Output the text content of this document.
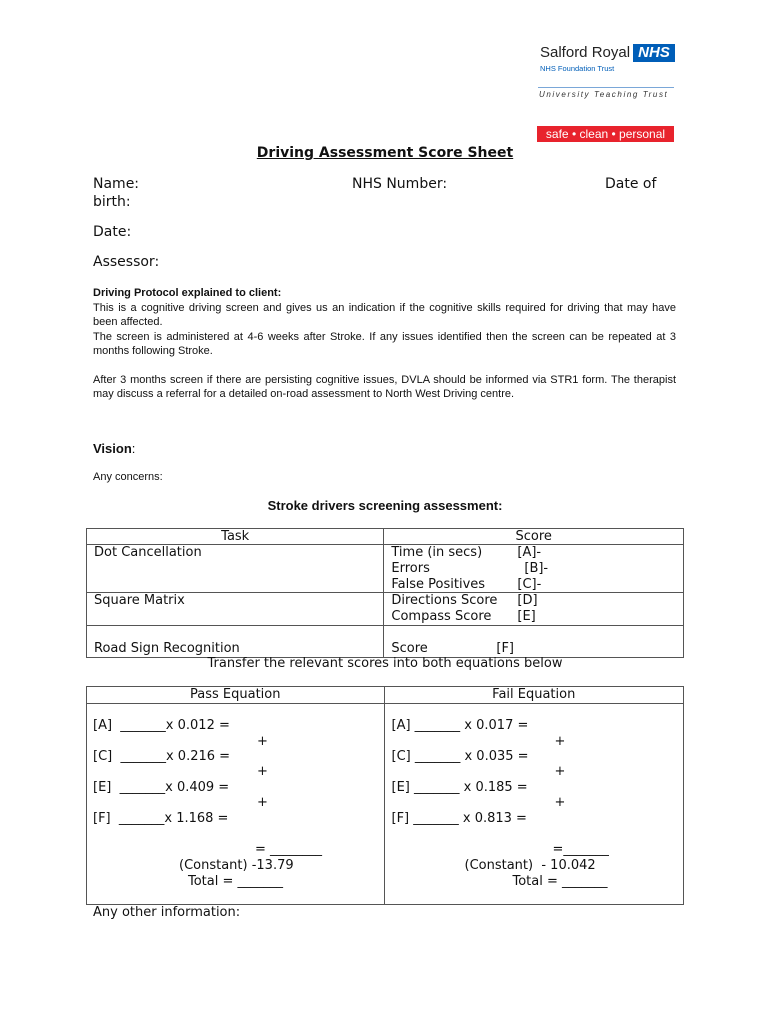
Salford Royal NHS
NHS Foundation Trust
University Teaching Trust
safe • clean • personal
Driving Assessment Score Sheet
Name:	NHS Number:	Date of
birth:
Date:
Assessor:

Driving Protocol explained to client:

This is a cognitive driving screen and gives us an indication if the cognitive skills required for driving that may have been affected.

The screen is administered at 4-6 weeks after Stroke. If any issues identified then the screen can be repeated at 3 months following Stroke.

After 3 months screen if there are persisting cognitive issues, DVLA should be informed via STR1 form. The therapist may discuss a referral for a detailed on-road assessment to North West Driving centre.

Vision:
Any concerns:
Stroke drivers screening assessment:
Task	Score
Dot Cancellation	Time (in secs)	[A]-
Errors	[B]-
False Positives	[C]-

Square Matrix	Directions Score [D]
Compass Score [E]

Road Sign Recognition	Score [F]
Transfer the relevant scores into both equations below
Pass Equation	Fail Equation

[A]  _______x 0.012 =
+
[C]  _______x 0.216 =
+
[E]  _______x 0.409 =
+
[F]  _______x 1.168 =
= ________
(Constant) -13.79
Total = _______

[A] _______ x 0.017 =
+
[C] _______ x 0.035 =
+
[E] _______ x 0.185 =
+
[F] _______ x 0.813 =
=_______
(Constant)  - 10.042
Total = _______
Any other information:
